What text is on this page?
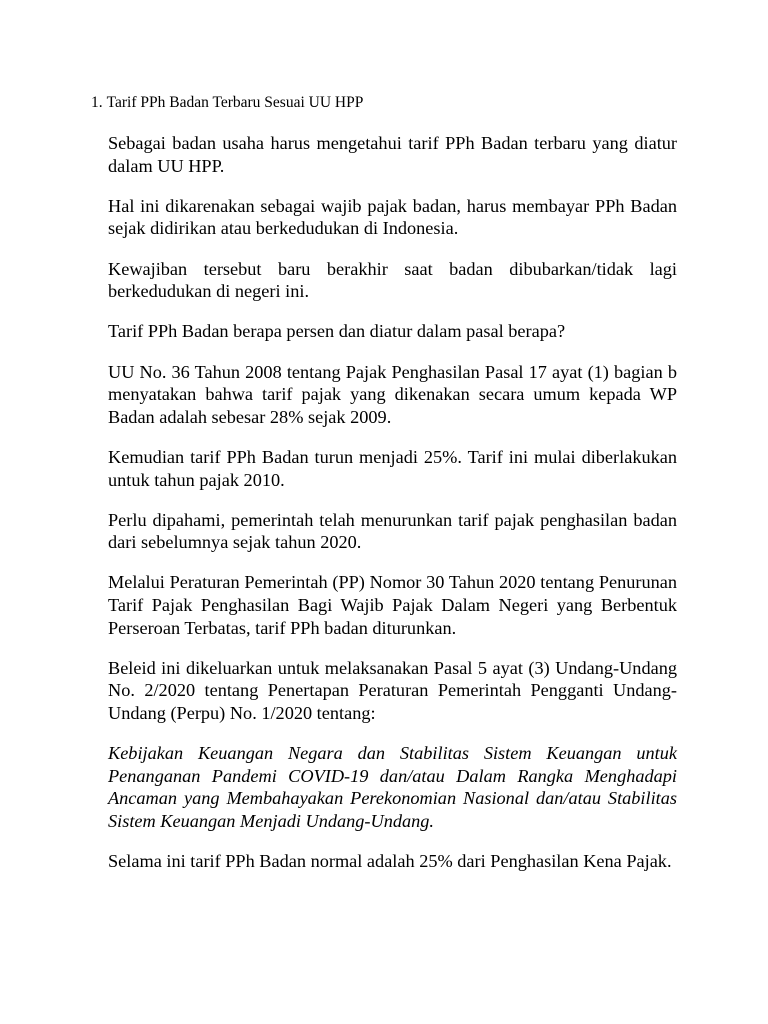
1. Tarif PPh Badan Terbaru Sesuai UU HPP

Sebagai badan usaha harus mengetahui tarif PPh Badan terbaru yang diatur dalam UU HPP.

Hal ini dikarenakan sebagai wajib pajak badan, harus membayar PPh Badan sejak didirikan atau berkedudukan di Indonesia.

Kewajiban tersebut baru berakhir saat badan dibubarkan/tidak lagi berkedudukan di negeri ini.

Tarif PPh Badan berapa persen dan diatur dalam pasal berapa?

UU No. 36 Tahun 2008 tentang Pajak Penghasilan Pasal 17 ayat (1) bagian b menyatakan bahwa tarif pajak yang dikenakan secara umum kepada WP Badan adalah sebesar 28% sejak 2009.

Kemudian tarif PPh Badan turun menjadi 25%. Tarif ini mulai diberlakukan untuk tahun pajak 2010.

Perlu dipahami, pemerintah telah menurunkan tarif pajak penghasilan badan dari sebelumnya sejak tahun 2020.

Melalui Peraturan Pemerintah (PP) Nomor 30 Tahun 2020 tentang Penurunan Tarif Pajak Penghasilan Bagi Wajib Pajak Dalam Negeri yang Berbentuk Perseroan Terbatas, tarif PPh badan diturunkan.

Beleid ini dikeluarkan untuk melaksanakan Pasal 5 ayat (3) Undang-Undang No. 2/2020 tentang Penertapan Peraturan Pemerintah Pengganti Undang-Undang (Perpu) No. 1/2020 tentang:

Kebijakan Keuangan Negara dan Stabilitas Sistem Keuangan untuk Penanganan Pandemi COVID-19 dan/atau Dalam Rangka Menghadapi Ancaman yang Membahayakan Perekonomian Nasional dan/atau Stabilitas Sistem Keuangan Menjadi Undang-Undang.

Selama ini tarif PPh Badan normal adalah 25% dari Penghasilan Kena Pajak.
